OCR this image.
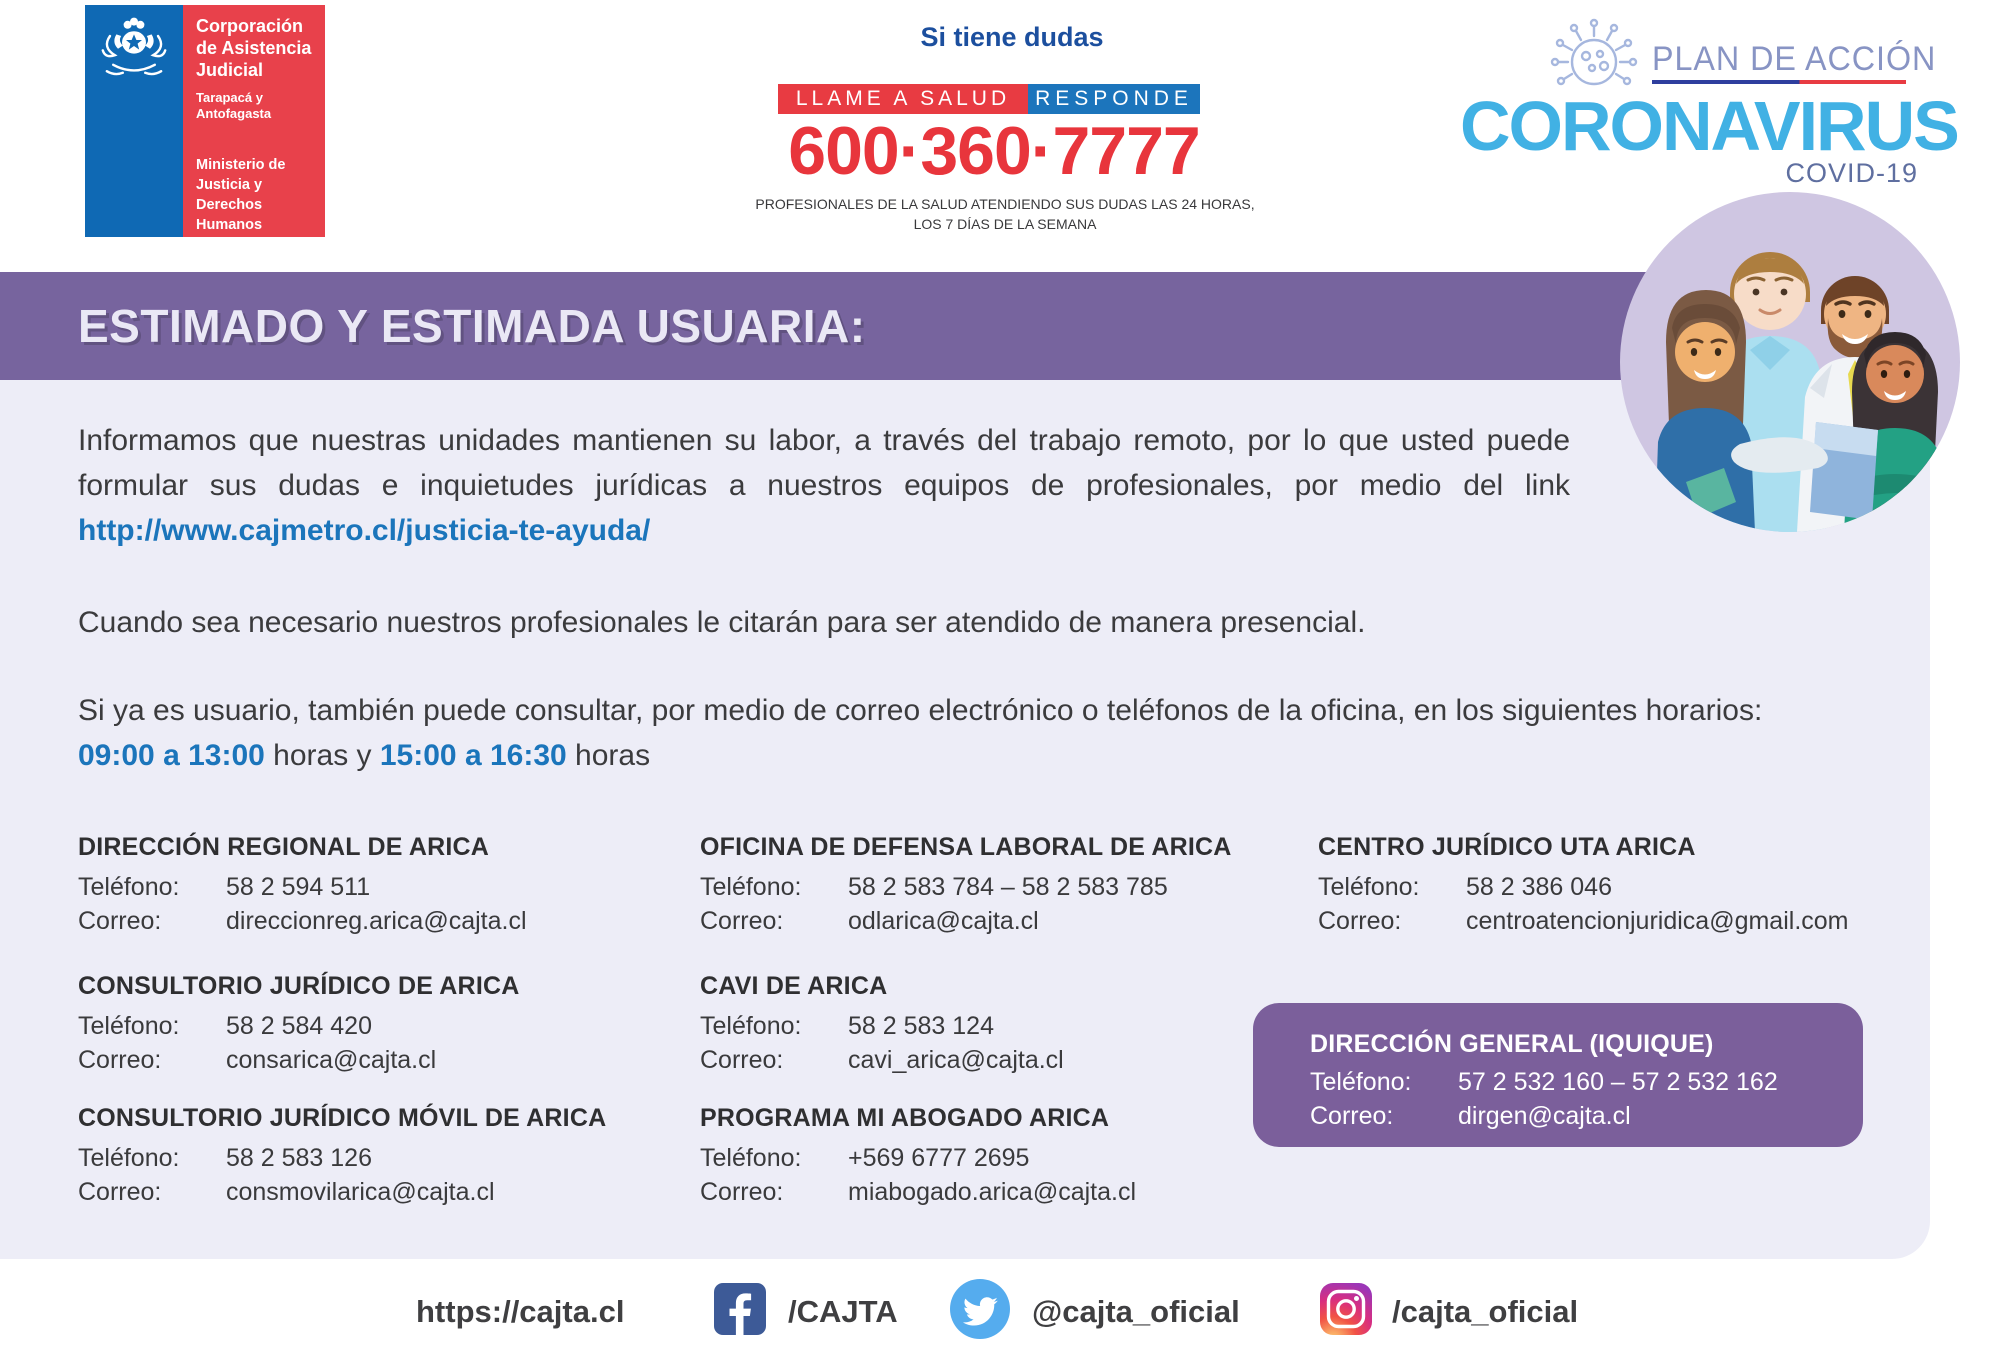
Corporación
de Asistencia
Judicial
Tarapacá y
Antofagasta
Ministerio de
Justicia y
Derechos
Humanos
Si tiene dudas
LLAME A SALUD	RESPONDE
600·360·7777
PROFESIONALES DE LA SALUD ATENDIENDO SUS DUDAS LAS 24 HORAS,
LOS 7 DÍAS DE LA SEMANA
PLAN DE ACCIÓN
CORONAVIRUS
COVID-19
ESTIMADO Y ESTIMADA USUARIA:
Informamos que nuestras unidades mantienen su labor, a través del trabajo remoto, por lo que usted puede formular sus dudas e inquietudes jurídicas a nuestros equipos de profesionales, por medio del link http://www.cajmetro.cl/justicia-te-ayuda/
Cuando sea necesario nuestros profesionales le citarán para ser atendido de manera presencial.
Si ya es usuario, también puede consultar, por medio de correo electrónico o teléfonos de la oficina, en los siguientes horarios:
09:00 a 13:00 horas y 15:00 a 16:30 horas
DIRECCIÓN REGIONAL DE ARICA
Teléfono: 58 2 594 511
Correo:	direccionreg.arica@cajta.cl
OFICINA DE DEFENSA LABORAL DE ARICA
Teléfono: 58 2 583 784 – 58 2 583 785
Correo:	odlarica@cajta.cl
CENTRO JURÍDICO UTA ARICA
Teléfono: 58 2 386 046
Correo:	centroatencionjuridica@gmail.com
CONSULTORIO JURÍDICO DE ARICA
Teléfono: 58 2 584 420
Correo:	consarica@cajta.cl
CAVI DE ARICA
Teléfono: 58 2 583 124
Correo:	cavi_arica@cajta.cl
CONSULTORIO JURÍDICO MÓVIL DE ARICA
Teléfono: 58 2 583 126
Correo:	consmovilarica@cajta.cl
PROGRAMA MI ABOGADO ARICA
Teléfono: +569 6777 2695
Correo:	miabogado.arica@cajta.cl
DIRECCIÓN GENERAL (IQUIQUE)
Teléfono: 57 2 532 160 – 57 2 532 162
Correo:	dirgen@cajta.cl
https://cajta.cl	/CAJTA	@cajta_oficial	/cajta_oficial
